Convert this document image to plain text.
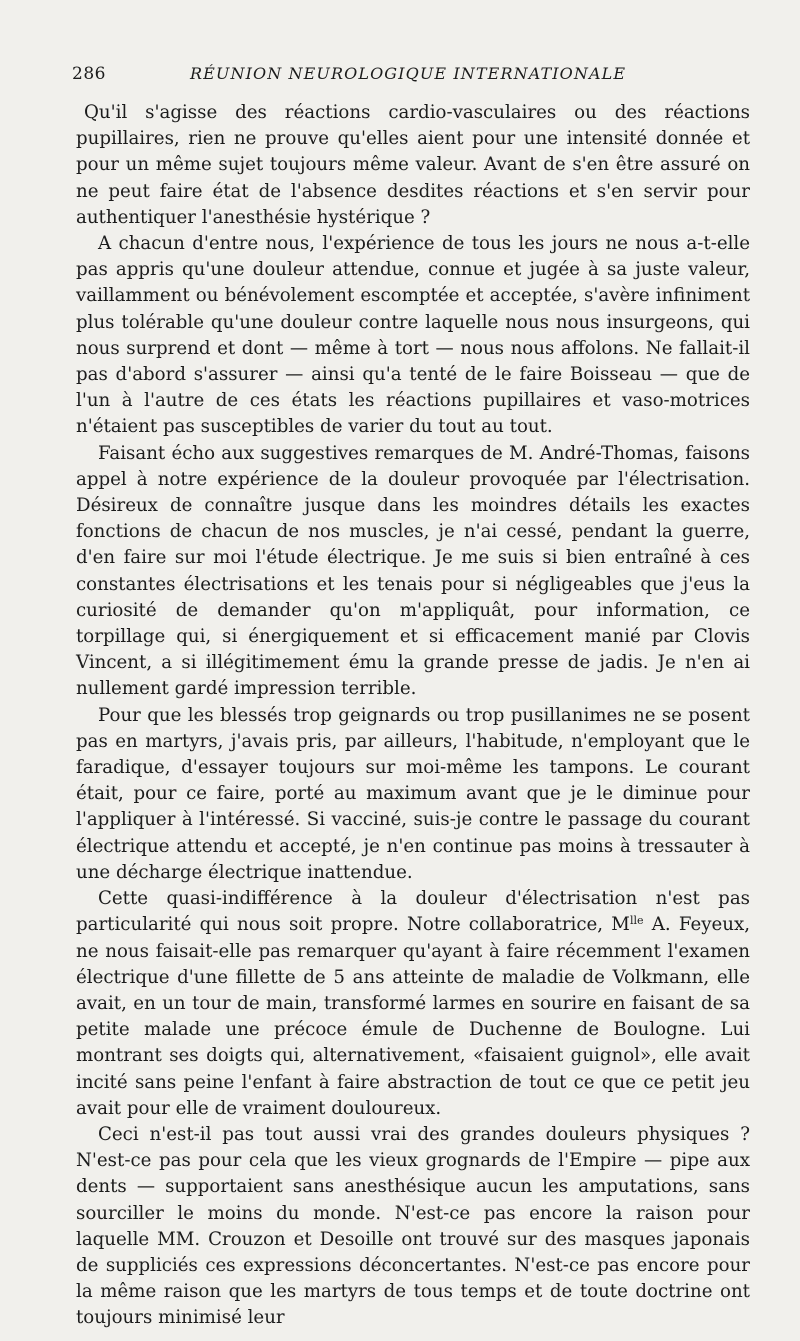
286	RÉUNION NEUROLOGIQUE INTERNATIONALE

Qu'il s'agisse des réactions cardio-vasculaires ou des réactions pupillaires, rien ne prouve qu'elles aient pour une intensité donnée et pour un même sujet toujours même valeur. Avant de s'en être assuré on ne peut faire état de l'absence desdites réactions et s'en servir pour authentiquer l'anesthésie hystérique ?

A chacun d'entre nous, l'expérience de tous les jours ne nous a-t-elle pas appris qu'une douleur attendue, connue et jugée à sa juste valeur, vaillamment ou bénévolement escomptée et acceptée, s'avère infiniment plus tolérable qu'une douleur contre laquelle nous nous insurgeons, qui nous surprend et dont — même à tort — nous nous affolons. Ne fallait-il pas d'abord s'assurer — ainsi qu'a tenté de le faire Boisseau — que de l'un à l'autre de ces états les réactions pupillaires et vaso-motrices n'étaient pas susceptibles de varier du tout au tout.

Faisant écho aux suggestives remarques de M. André-Thomas, faisons appel à notre expérience de la douleur provoquée par l'électrisation. Désireux de connaître jusque dans les moindres détails les exactes fonctions de chacun de nos muscles, je n'ai cessé, pendant la guerre, d'en faire sur moi l'étude électrique. Je me suis si bien entraîné à ces constantes électrisations et les tenais pour si négligeables que j'eus la curiosité de demander qu'on m'appliquât, pour information, ce torpillage qui, si énergiquement et si efficacement manié par Clovis Vincent, a si illégitimement ému la grande presse de jadis. Je n'en ai nullement gardé impression terrible.

Pour que les blessés trop geignards ou trop pusillanimes ne se posent pas en martyrs, j'avais pris, par ailleurs, l'habitude, n'employant que le faradique, d'essayer toujours sur moi-même les tampons. Le courant était, pour ce faire, porté au maximum avant que je le diminue pour l'appliquer à l'intéressé. Si vacciné, suis-je contre le passage du courant électrique attendu et accepté, je n'en continue pas moins à tressauter à une décharge électrique inattendue.

Cette quasi-indifférence à la douleur d'électrisation n'est pas particularité qui nous soit propre. Notre collaboratrice, $M^{lle}$ A. Feyeux, ne nous faisait-elle pas remarquer qu'ayant à faire récemment l'examen électrique d'une fillette de 5 ans atteinte de maladie de Volkmann, elle avait, en un tour de main, transformé larmes en sourire en faisant de sa petite malade une précoce émule de Duchenne de Boulogne. Lui montrant ses doigts qui, alternativement, «faisaient guignol», elle avait incité sans peine l'enfant à faire abstraction de tout ce que ce petit jeu avait pour elle de vraiment douloureux.

Ceci n'est-il pas tout aussi vrai des grandes douleurs physiques ? N'est-ce pas pour cela que les vieux grognards de l'Empire — pipe aux dents — supportaient sans anesthésique aucun les amputations, sans sourciller le moins du monde. N'est-ce pas encore la raison pour laquelle MM. Crouzon et Desoille ont trouvé sur des masques japonais de suppliciés ces expressions déconcertantes. N'est-ce pas encore pour la même raison que les martyrs de tous temps et de toute doctrine ont toujours minimisé leur
